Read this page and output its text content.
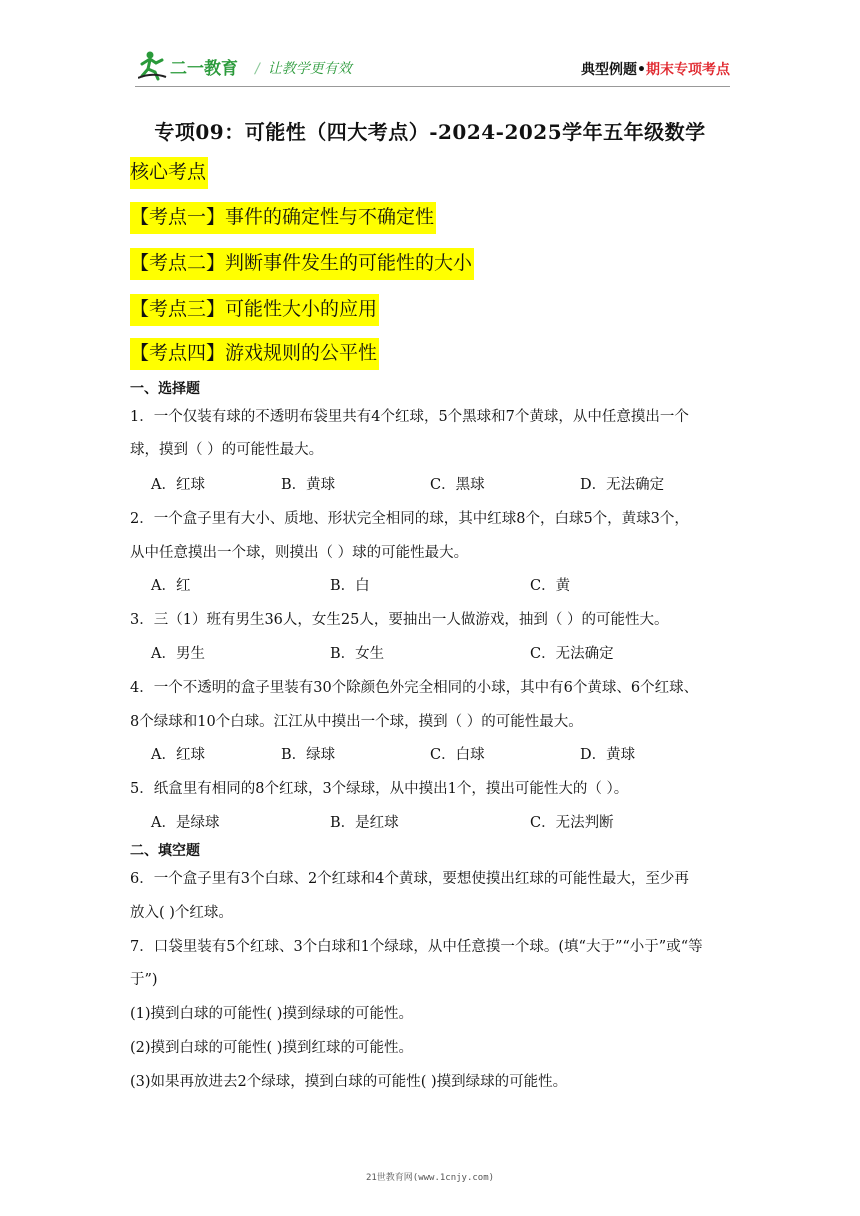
二一教育 / 让教学更有效	典型例题•期末专项考点
专项09：可能性（四大考点）-2024-2025学年五年级数学
核心考点
【考点一】事件的确定性与不确定性
【考点二】判断事件发生的可能性的大小
【考点三】可能性大小的应用
【考点四】游戏规则的公平性
一、选择题
1．一个仅装有球的不透明布袋里共有4个红球，5个黑球和7个黄球，从中任意摸出一个
球，摸到（ ）的可能性最大。
A．红球	B．黄球	C．黑球	D．无法确定
2．一个盒子里有大小、质地、形状完全相同的球，其中红球8个，白球5个，黄球3个，
从中任意摸出一个球，则摸出（ ）球的可能性最大。
A．红	B．白	C．黄
3．三（1）班有男生36人，女生25人，要抽出一人做游戏，抽到（ ）的可能性大。
A．男生	B．女生	C．无法确定
4．一个不透明的盒子里装有30个除颜色外完全相同的小球，其中有6个黄球、6个红球、
8个绿球和10个白球。江江从中摸出一个球，摸到（ ）的可能性最大。
A．红球	B．绿球	C．白球	D．黄球
5．纸盒里有相同的8个红球，3个绿球，从中摸出1个，摸出可能性大的（ ）。
A．是绿球	B．是红球	C．无法判断
二、填空题
6．一个盒子里有3个白球、2个红球和4个黄球，要想使摸出红球的可能性最大，至少再
放入( )个红球。
7．口袋里装有5个红球、3个白球和1个绿球，从中任意摸一个球。(填“大于”“小于”或“等
于”)
(1)摸到白球的可能性( )摸到绿球的可能性。
(2)摸到白球的可能性( )摸到红球的可能性。
(3)如果再放进去2个绿球，摸到白球的可能性( )摸到绿球的可能性。
21世教育网(www.1cnjy.com)
